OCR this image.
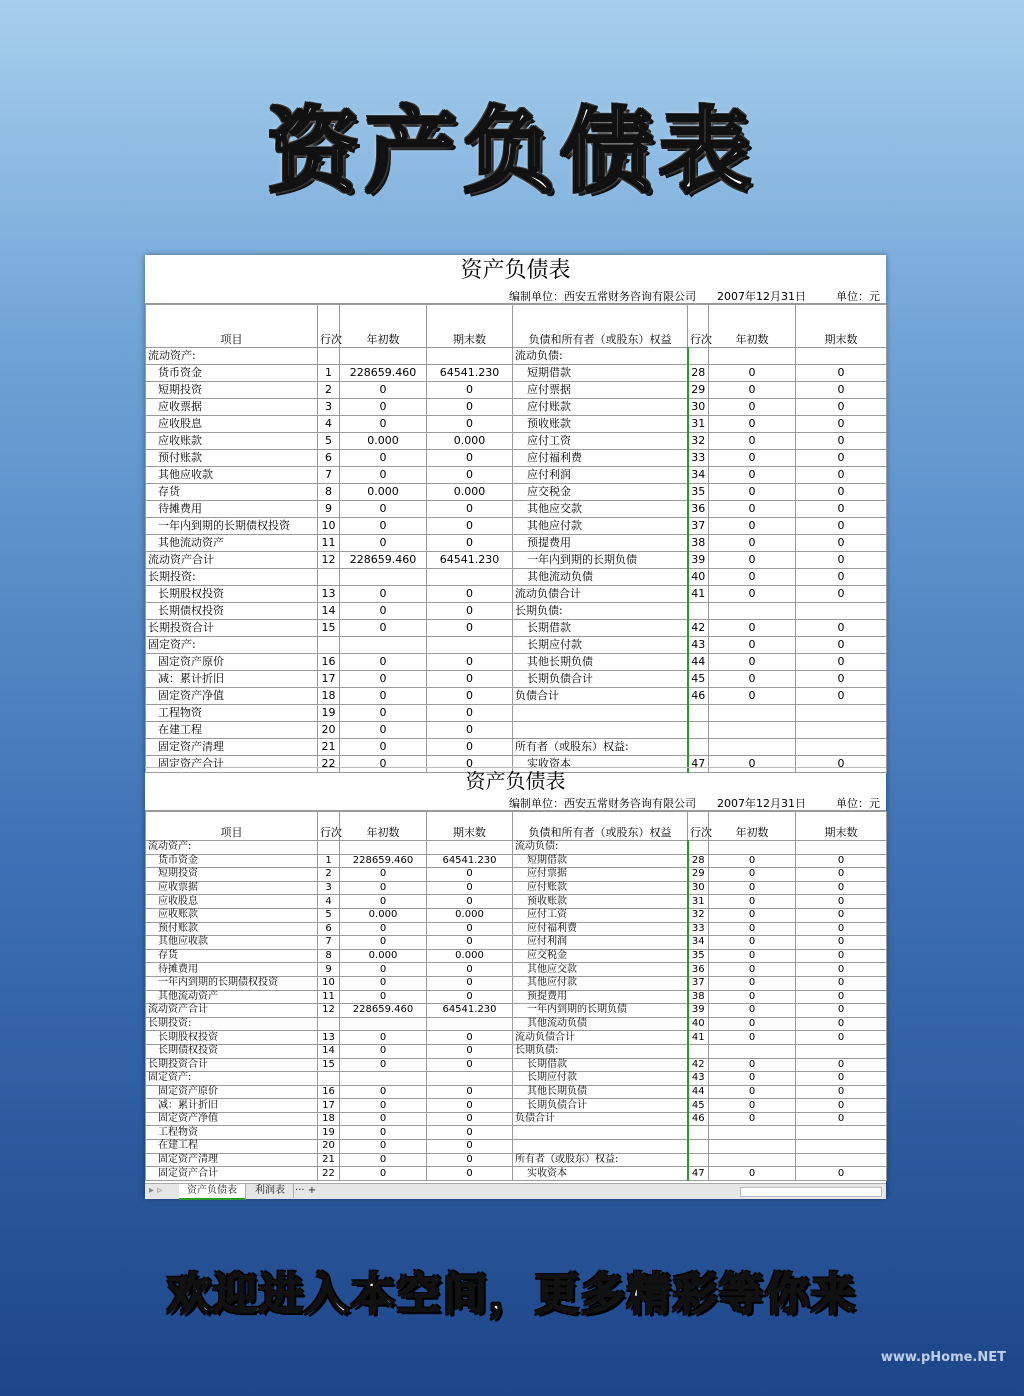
资产负债表
资产负债表
编制单位：西安五常财务咨询有限公司 2007年12月31日	单位：元
项目	行次	年初数	期末数	负债和所有者（或股东）权益	行次	年初数	期末数
流动资产:				流动负债:			
货币资金	1	228659.460	64541.230	短期借款	28	0	0
短期投资	2	0	0	应付票据	29	0	0
应收票据	3	0	0	应付账款	30	0	0
应收股息	4	0	0	预收账款	31	0	0
应收账款	5	0.000	0.000	应付工资	32	0	0
预付账款	6	0	0	应付福利费	33	0	0
其他应收款	7	0	0	应付利润	34	0	0
存货	8	0.000	0.000	应交税金	35	0	0
待摊费用	9	0	0	其他应交款	36	0	0
一年内到期的长期债权投资	10	0	0	其他应付款	37	0	0
其他流动资产	11	0	0	预提费用	38	0	0
流动资产合计	12	228659.460	64541.230	一年内到期的长期负债	39	0	0
长期投资:				其他流动负债	40	0	0
长期股权投资	13	0	0	流动负债合计	41	0	0
长期债权投资	14	0	0	长期负债:			
长期投资合计	15	0	0	长期借款	42	0	0
固定资产:				长期应付款	43	0	0
固定资产原价	16	0	0	其他长期负债	44	0	0
减：累计折旧	17	0	0	长期负债合计	45	0	0
固定资产净值	18	0	0	负债合计	46	0	0
工程物资	19	0	0				
在建工程	20	0	0				
固定资产清理	21	0	0	所有者（或股东）权益:			
固定资产合计	22	0	0	实收资本	47	0	0
资产负债表
编制单位：西安五常财务咨询有限公司 2007年12月31日	单位：元
项目	行次	年初数	期末数	负债和所有者（或股东）权益	行次	年初数	期末数
流动资产:				流动负债:			
货币资金	1	228659.460	64541.230	短期借款	28	0	0
短期投资	2	0	0	应付票据	29	0	0
应收票据	3	0	0	应付账款	30	0	0
应收股息	4	0	0	预收账款	31	0	0
应收账款	5	0.000	0.000	应付工资	32	0	0
预付账款	6	0	0	应付福利费	33	0	0
其他应收款	7	0	0	应付利润	34	0	0
存货	8	0.000	0.000	应交税金	35	0	0
待摊费用	9	0	0	其他应交款	36	0	0
一年内到期的长期债权投资	10	0	0	其他应付款	37	0	0
其他流动资产	11	0	0	预提费用	38	0	0
流动资产合计	12	228659.460	64541.230	一年内到期的长期负债	39	0	0
长期投资:				其他流动负债	40	0	0
长期股权投资	13	0	0	流动负债合计	41	0	0
长期债权投资	14	0	0	长期负债:			
长期投资合计	15	0	0	长期借款	42	0	0
固定资产:				长期应付款	43	0	0
固定资产原价	16	0	0	其他长期负债	44	0	0
减：累计折旧	17	0	0	长期负债合计	45	0	0
固定资产净值	18	0	0	负债合计	46	0	0
工程物资	19	0	0				
在建工程	20	0	0				
固定资产清理	21	0	0	所有者（或股东）权益:			
固定资产合计	22	0	0	实收资本	47	0	0
▸ ▹	资产负债表	利润表	··· +
欢迎进入本空间，更多精彩等你来
www.pHome.NET
